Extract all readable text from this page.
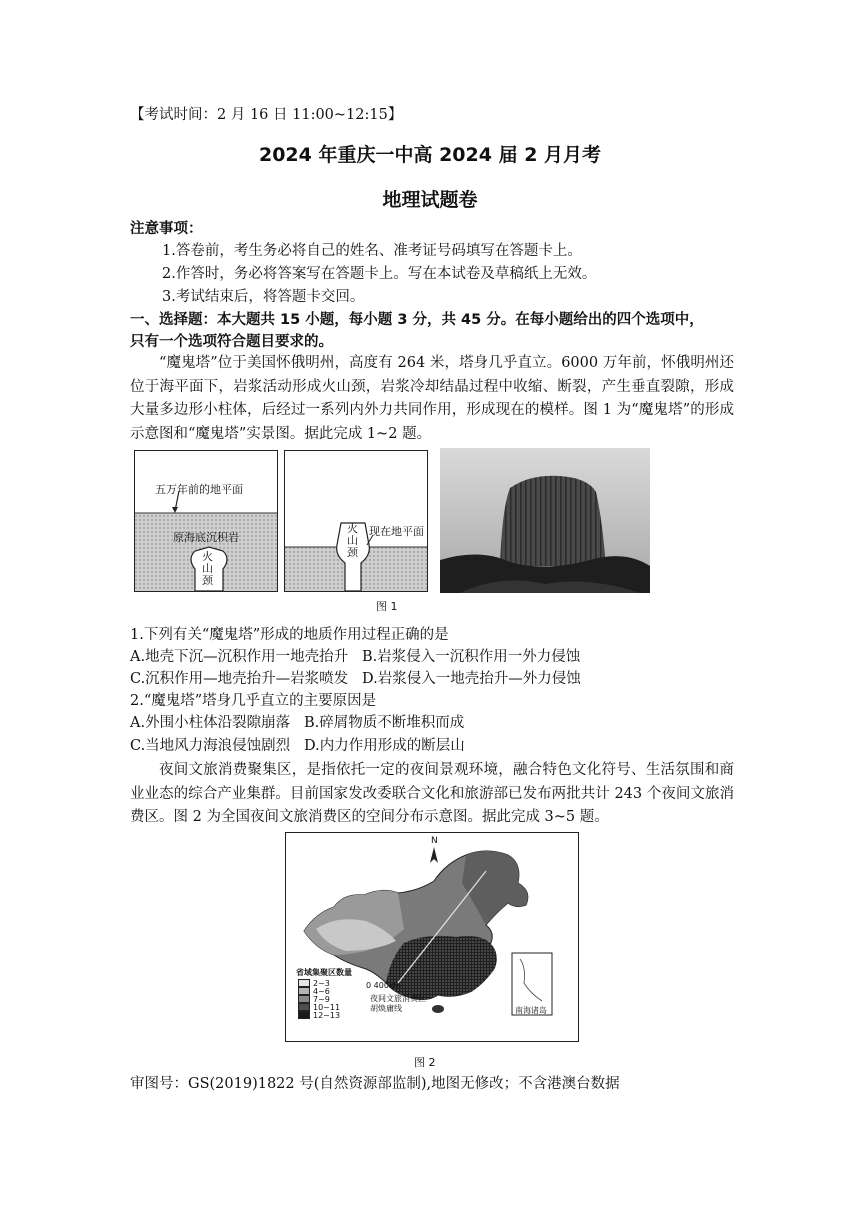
【考试时间：2 月 16 日 11:00~12:15】
2024 年重庆一中高 2024 届 2 月月考
地理试题卷
注意事项：
1.答卷前，考生务必将自己的姓名、准考证号码填写在答题卡上。
2.作答时，务必将答案写在答题卡上。写在本试卷及草稿纸上无效。
3.考试结束后，将答题卡交回。
一、选择题：本大题共 15 小题，每小题 3 分，共 45 分。在每小题给出的四个选项中，
只有一个选项符合题目要求的。
“魔鬼塔”位于美国怀俄明州，高度有 264 米，塔身几乎直立。6000 万年前，怀俄明州还位于海平面下，岩浆活动形成火山颈，岩浆冷却结晶过程中收缩、断裂，产生垂直裂隙，形成大量多边形小柱体，后经过一系列内外力共同作用，形成现在的模样。图 1 为“魔鬼塔”的形成示意图和“魔鬼塔”实景图。据此完成 1~2 题。
五万年前的地平面
原海底沉积岩
火山颈
火山颈
现在地平面
图 1
1.下列有关“魔鬼塔”形成的地质作用过程正确的是
A.地壳下沉—沉积作用一地壳抬升 B.岩浆侵入一沉积作用一外力侵蚀
C.沉积作用—地壳抬升—岩浆喷发 D.岩浆侵入一地壳抬升—外力侵蚀
2.“魔鬼塔”塔身几乎直立的主要原因是
A.外围小柱体沿裂隙崩落 B.碎屑物质不断堆积而成
C.当地风力海浪侵蚀剧烈 D.内力作用形成的断层山
夜间文旅消费聚集区，是指依托一定的夜间景观环境，融合特色文化符号、生活氛围和商业业态的综合产业集群。目前国家发改委联合文化和旅游部已发布两批共计 243 个夜间文旅消费区。图 2 为全国夜间文旅消费区的空间分布示意图。据此完成 3~5 题。
N
南海诸岛
省域集聚区数量
2~3
4~6
7~9
10~11
12~13
0 400km
夜间文旅消费区
胡焕庸线
图 2
审图号：GS(2019)1822 号(自然资源部监制),地图无修改；不含港澳台数据
